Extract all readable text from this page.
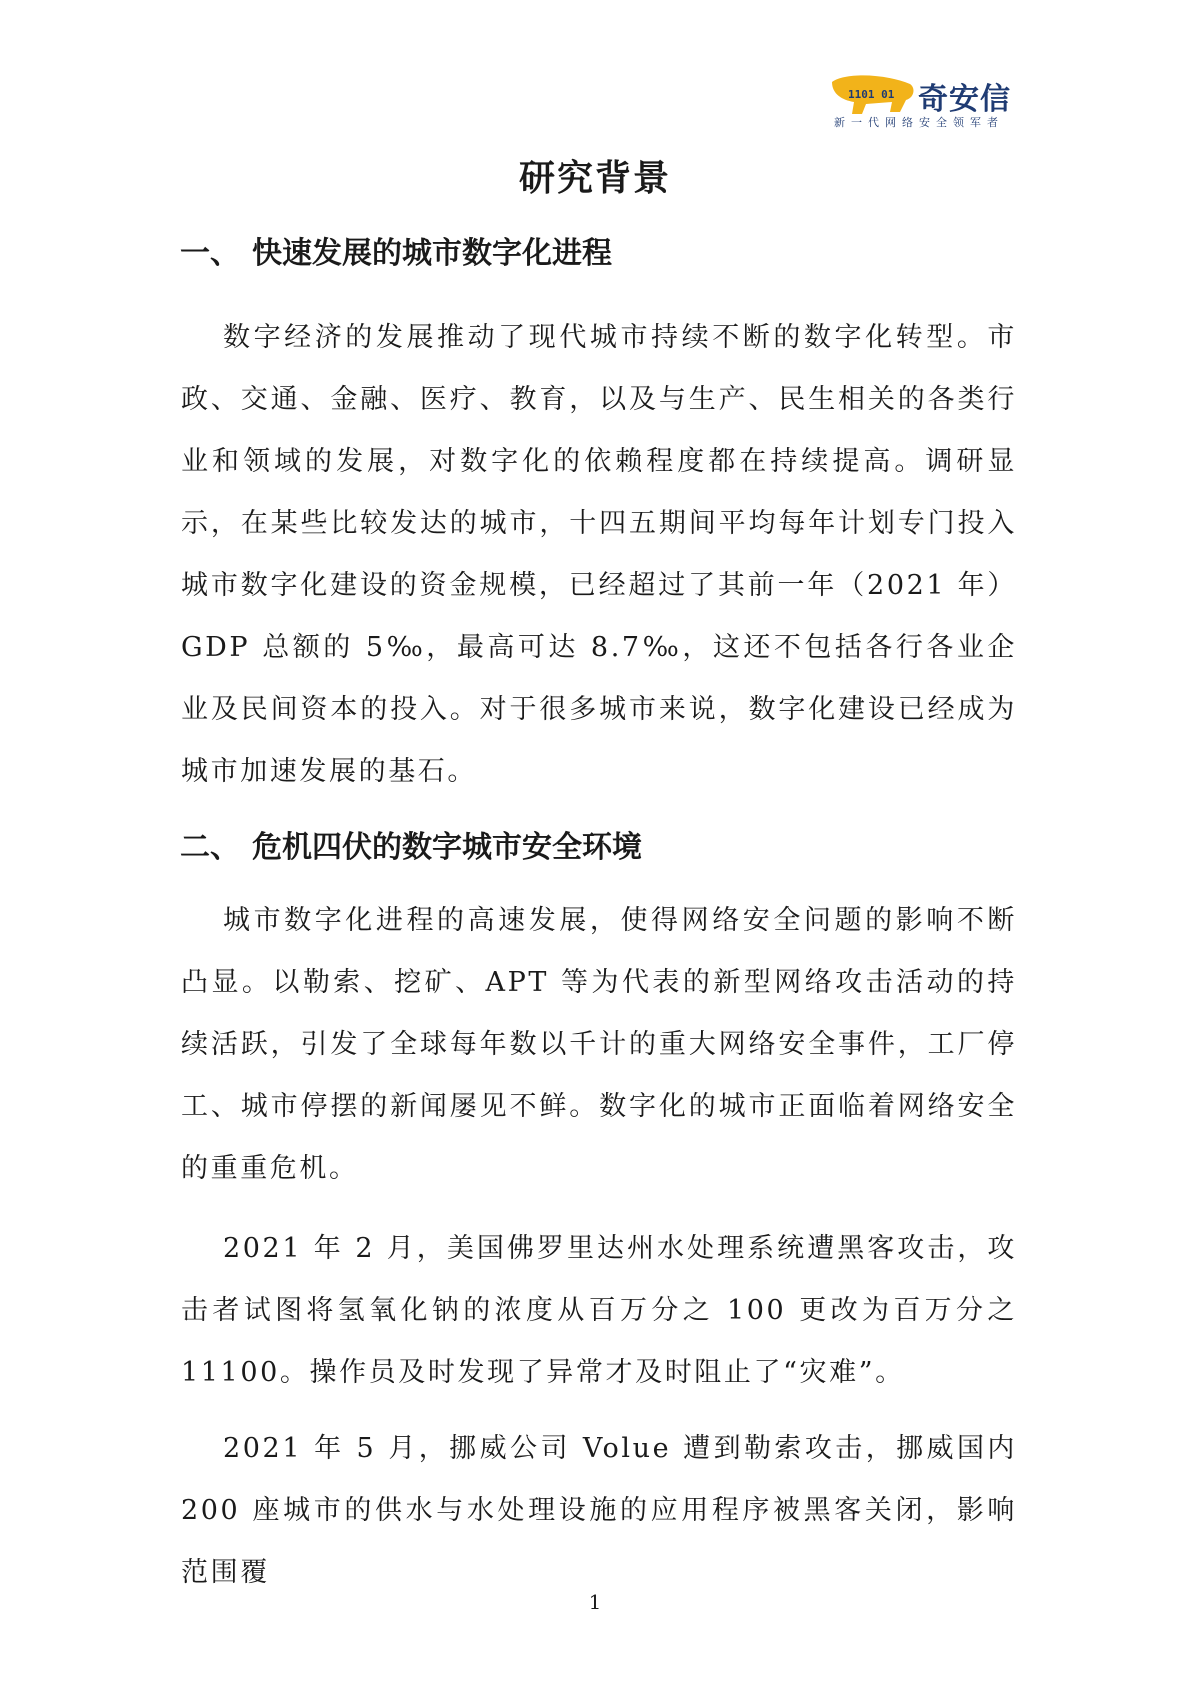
1101 01 奇安信
新一代网络安全领军者
研究背景
一、 快速发展的城市数字化进程

数字经济的发展推动了现代城市持续不断的数字化转型。市政、交通、金融、医疗、教育，以及与生产、民生相关的各类行业和领域的发展，对数字化的依赖程度都在持续提高。调研显示，在某些比较发达的城市，十四五期间平均每年计划专门投入城市数字化建设的资金规模，已经超过了其前一年（2021 年）GDP 总额的 5‰，最高可达 8.7‰，这还不包括各行各业企业及民间资本的投入。对于很多城市来说，数字化建设已经成为城市加速发展的基石。

二、 危机四伏的数字城市安全环境

城市数字化进程的高速发展，使得网络安全问题的影响不断凸显。以勒索、挖矿、APT 等为代表的新型网络攻击活动的持续活跃，引发了全球每年数以千计的重大网络安全事件，工厂停工、城市停摆的新闻屡见不鲜。数字化的城市正面临着网络安全的重重危机。

2021 年 2 月，美国佛罗里达州水处理系统遭黑客攻击，攻击者试图将氢氧化钠的浓度从百万分之 100 更改为百万分之 11100。操作员及时发现了异常才及时阻止了“灾难”。

2021 年 5 月，挪威公司 Volue 遭到勒索攻击，挪威国内 200 座城市的供水与水处理设施的应用程序被黑客关闭，影响范围覆

1
